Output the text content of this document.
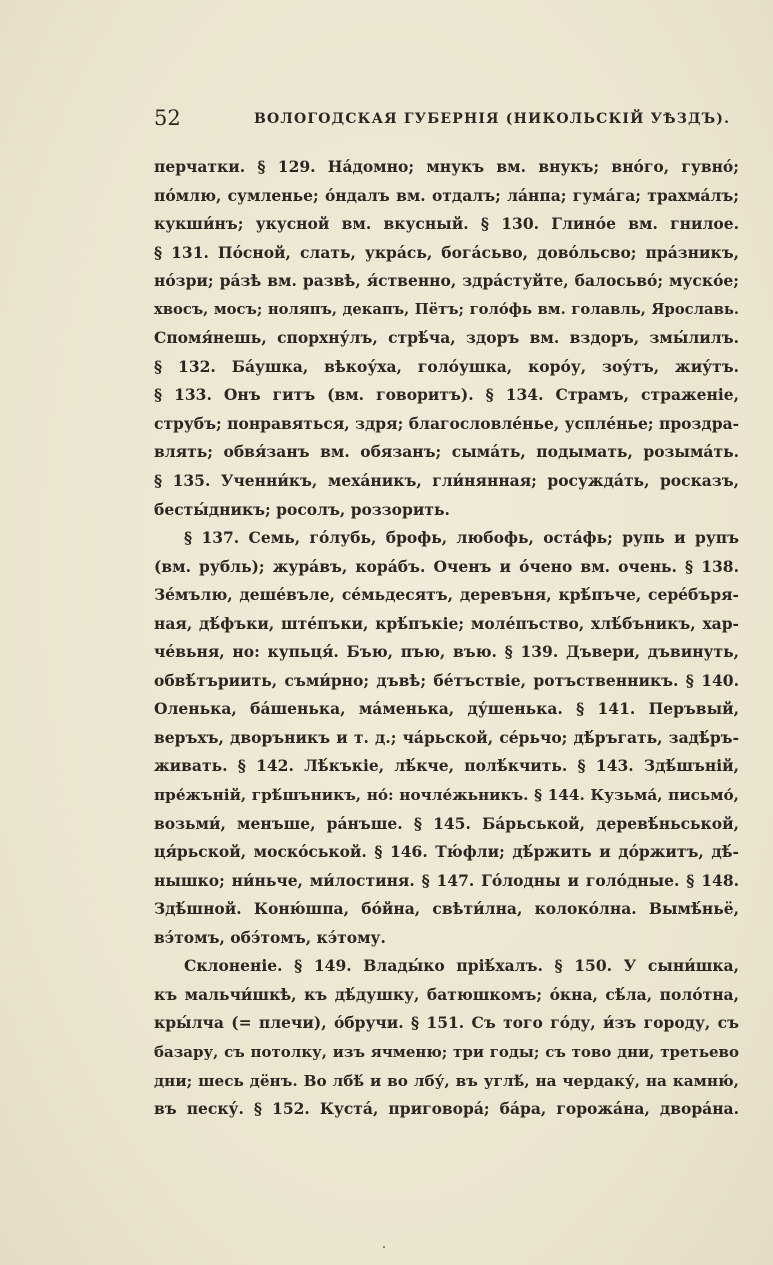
52	ВОЛОГОДСКАЯ ГУБЕРНІЯ (НИКОЛЬСКІЙ УѢЗДЪ).
перчатки. § 129. На́домно; мнукъ вм. внукъ; вно́го, гувно́;
по́млю, сумленье; о́ндалъ вм. отдалъ; ла́нпа; гума́га; трахма́лъ;
кукши́нъ; укусной вм. вкусный. § 130. Глино́е вм. гнилое.
§ 131. По́сной, слать, укра́сь, бога́сьво, дово́льсво; пра́зникъ,
но́зри; ра́зѣ вм. развѣ, я́ственно, здра́стуйте, балосьво́; муско́е;
хвосъ, мосъ; ноляпъ, декапъ, Пётъ; голо́фь вм. голавль, Ярославь.
Спомя́нешь, спорхну́лъ, стрѣ́ча, здоръ вм. вздоръ, змы́лилъ.
§ 132. Ба́ушка, вѣкоу́ха, голо́ушка, коро́у, зоу́тъ, жиу́тъ.
§ 133. Онъ гитъ (вм. говоритъ). § 134. Страмъ, страженіе,
струбъ; понравяться, здря; благословле́нье, успле́нье; проздра-
влять; обвя́занъ вм. обязанъ; сыма́ть, подымать, розыма́ть.
§ 135. Ученни́къ, меха́никъ, гли́нянная; росужда́ть, росказъ,
бесты́дникъ; росолъ, роззорить.
§ 137. Семь, го́лубь, брофь, любофь, оста́фь; рупь и рупъ
(вм. рубль); жура́въ, кора́бъ. Оченъ и о́чено вм. очень. § 138.
Зе́мълю, деше́въле, се́мьдесятъ, деревъня, крѣ́пъче, сере́бъря-
ная, дѣ́фъки, ште́пъки, крѣ́пъкіе; моле́пъство, хлѣ́бъникъ, хар-
че́вьня, но: купьця́. Бъю, пъю, въю. § 139. Дъвери, дъвинуть,
обвѣ́търиить, съми́рно; дъвѣ; бе́тъствіе, ротъственникъ. § 140.
Оленька, ба́шенька, ма́менька, ду́шенька. § 141. Перъвый,
веръхъ, дворъникъ и т. д.; ча́рьской, се́рьчо; дѣ́ръгать, задѣ́ръ-
живать. § 142. Лѣ́къкіе, лѣ́кче, полѣ́кчить. § 143. Здѣ́шъній,
пре́жъній, грѣ́шъникъ, но́: ночле́жьникъ. § 144. Кузьма́, письмо́,
возьми́, менъше, ра́нъше. § 145. Ба́рьськой, деревѣ́ньськой,
ця́рьской, моско́ськой. § 146. Тю́фли; дѣ́ржить и до́ржитъ, дѣ́-
нышко; ни́ньче, ми́лостиня. § 147. Го́лодны и голо́дные. § 148.
Здѣ́шной. Коню́шпа, бо́йна, свѣти́лна, колоко́лна. Вымѣ́ньё,
вэ́томъ, обэ́томъ, кэ́тому.
Склоненіе. § 149. Влады́ко пріѣ́халъ. § 150. У сыни́шка,
къ мальчи́шкѣ, къ дѣ́душку, батюшкомъ; о́кна, сѣ́ла, поло́тна,
кры́лча (= плечи), о́бручи. § 151. Съ того го́ду, и́зъ городу, съ
базару, съ потолку, изъ ячменю; три годы; съ тово дни, третьево
дни; шесь дёнъ. Во лбѣ́ и во лбу́, въ углѣ́, на чердаку́, на камню́,
въ песку́. § 152. Куста́, приговора́; ба́ра, горожа́на, двора́на.
